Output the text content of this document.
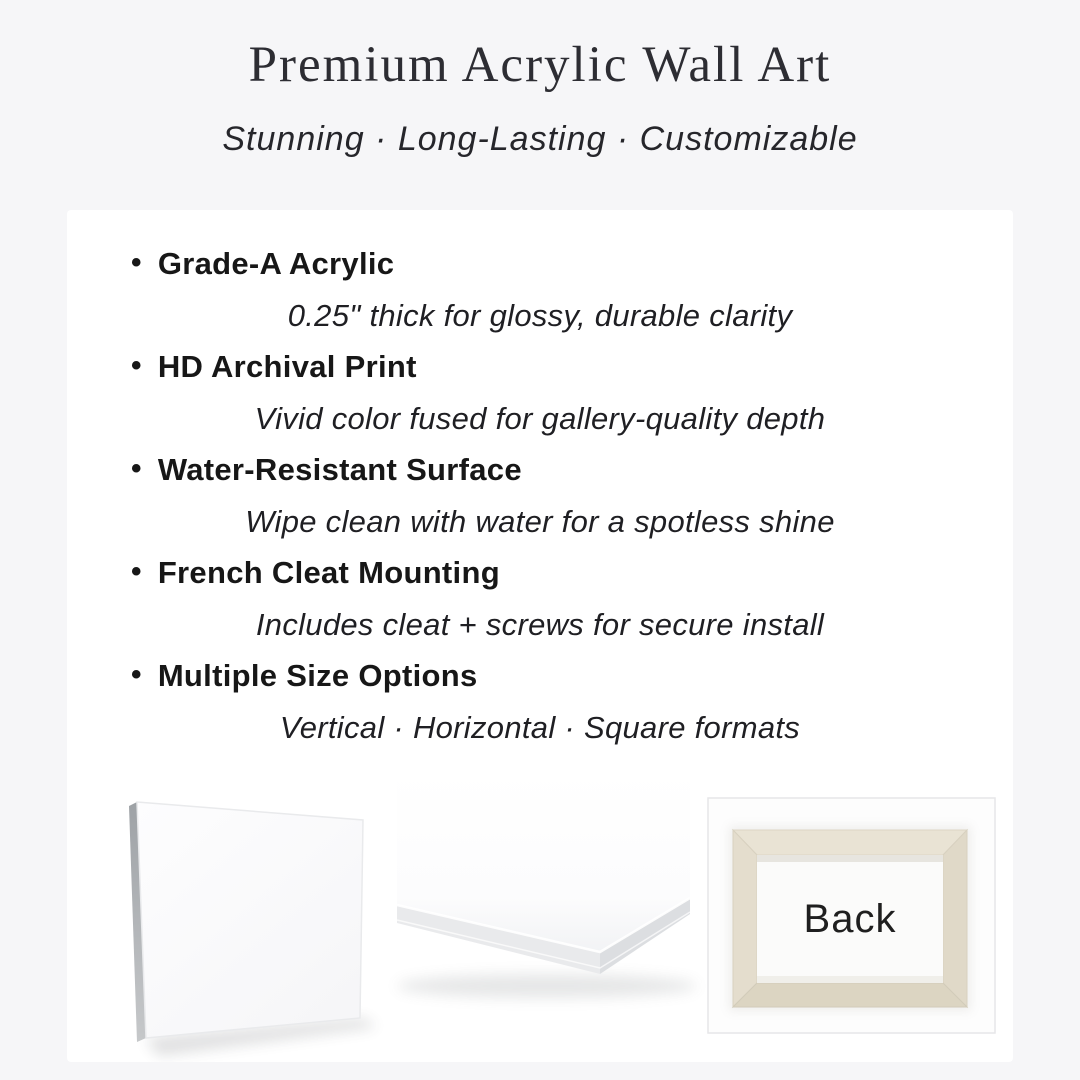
Premium Acrylic Wall Art
Stunning · Long-Lasting · Customizable
• Grade-A Acrylic
0.25" thick for glossy, durable clarity
• HD Archival Print
Vivid color fused for gallery-quality depth
• Water-Resistant Surface
Wipe clean with water for a spotless shine
• French Cleat Mounting
Includes cleat + screws for secure install
• Multiple Size Options
Vertical · Horizontal · Square formats
Back
